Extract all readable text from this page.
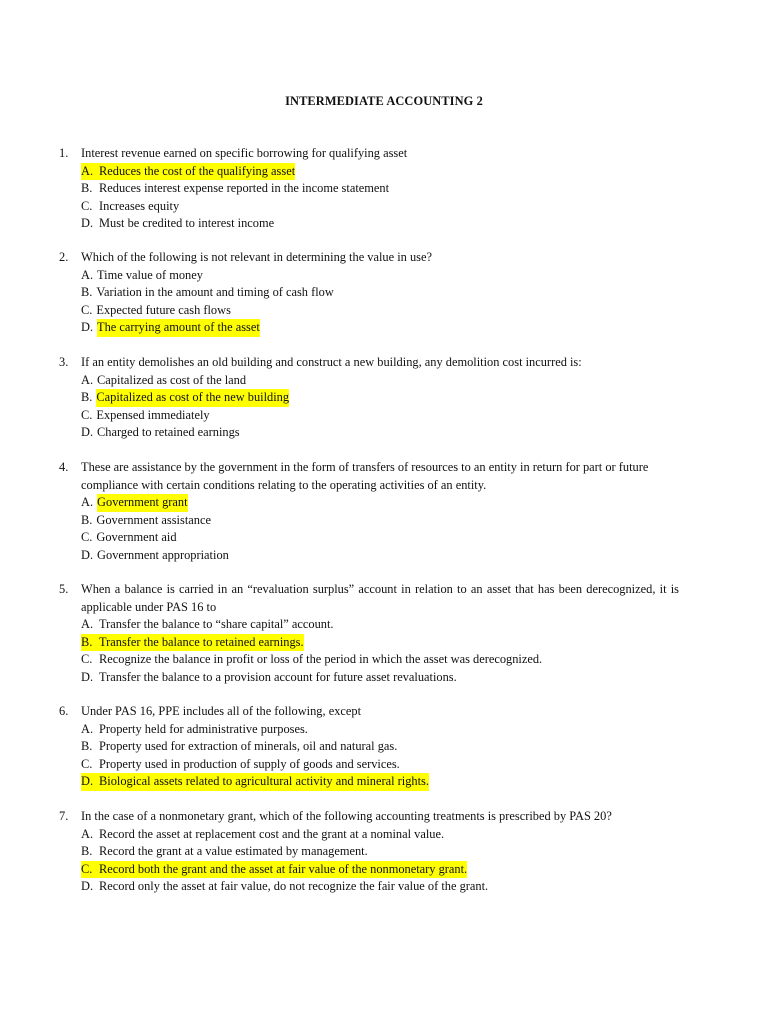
INTERMEDIATE ACCOUNTING 2
1.	Interest revenue earned on specific borrowing for qualifying asset
A. Reduces the cost of the qualifying asset
B. Reduces interest expense reported in the income statement
C. Increases equity
D. Must be credited to interest income
2.	Which of the following is not relevant in determining the value in use?
A. Time value of money
B. Variation in the amount and timing of cash flow
C. Expected future cash flows
D. The carrying amount of the asset
3.	If an entity demolishes an old building and construct a new building, any demolition cost incurred is:
A. Capitalized as cost of the land
B. Capitalized as cost of the new building
C. Expensed immediately
D. Charged to retained earnings
4.	These are assistance by the government in the form of transfers of resources to an entity in return for part or future compliance with certain conditions relating to the operating activities of an entity.
A. Government grant
B. Government assistance
C. Government aid
D. Government appropriation
5.	When a balance is carried in an “revaluation surplus” account in relation to an asset that has been derecognized, it is applicable under PAS 16 to
A. Transfer the balance to “share capital” account.
B. Transfer the balance to retained earnings.
C. Recognize the balance in profit or loss of the period in which the asset was derecognized.
D. Transfer the balance to a provision account for future asset revaluations.
6.	Under PAS 16, PPE includes all of the following, except
A. Property held for administrative purposes.
B. Property used for extraction of minerals, oil and natural gas.
C. Property used in production of supply of goods and services.
D. Biological assets related to agricultural activity and mineral rights.
7.	In the case of a nonmonetary grant, which of the following accounting treatments is prescribed by PAS 20?
A. Record the asset at replacement cost and the grant at a nominal value.
B. Record the grant at a value estimated by management.
C. Record both the grant and the asset at fair value of the nonmonetary grant.
D. Record only the asset at fair value, do not recognize the fair value of the grant.
